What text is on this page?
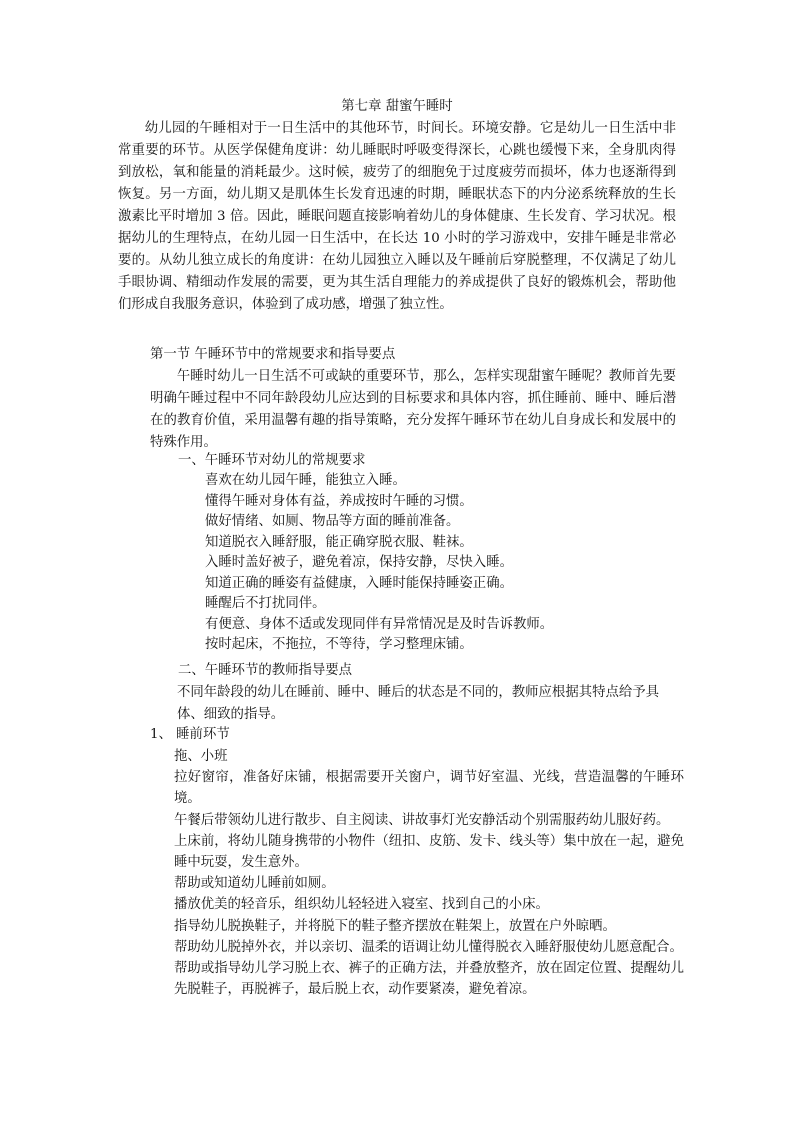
第七章 甜蜜午睡时

幼儿园的午睡相对于一日生活中的其他环节，时间长。环境安静。它是幼儿一日生活中非常重要的环节。从医学保健角度讲：幼儿睡眠时呼吸变得深长，心跳也缓慢下来，全身肌肉得到放松，氧和能量的消耗最少。这时候，疲劳了的细胞免于过度疲劳而损坏，体力也逐渐得到恢复。另一方面，幼儿期又是肌体生长发育迅速的时期，睡眠状态下的内分泌系统释放的生长激素比平时增加 3 倍。因此，睡眠问题直接影响着幼儿的身体健康、生长发育、学习状况。根据幼儿的生理特点，在幼儿园一日生活中，在长达 10 小时的学习游戏中，安排午睡是非常必要的。从幼儿独立成长的角度讲：在幼儿园独立入睡以及午睡前后穿脱整理，不仅满足了幼儿手眼协调、精细动作发展的需要，更为其生活自理能力的养成提供了良好的锻炼机会，帮助他们形成自我服务意识，体验到了成功感，增强了独立性。

第一节 午睡环节中的常规要求和指导要点

午睡时幼儿一日生活不可或缺的重要环节，那么，怎样实现甜蜜午睡呢？教师首先要明确午睡过程中不同年龄段幼儿应达到的目标要求和具体内容，抓住睡前、睡中、睡后潜在的教育价值，采用温馨有趣的指导策略，充分发挥午睡环节在幼儿自身成长和发展中的特殊作用。

一、午睡环节对幼儿的常规要求

喜欢在幼儿园午睡，能独立入睡。
懂得午睡对身体有益，养成按时午睡的习惯。
做好情绪、如厕、物品等方面的睡前准备。
知道脱衣入睡舒服，能正确穿脱衣服、鞋袜。
入睡时盖好被子，避免着凉，保持安静，尽快入睡。
知道正确的睡姿有益健康，入睡时能保持睡姿正确。
睡醒后不打扰同伴。
有便意、身体不适或发现同伴有异常情况是及时告诉教师。
按时起床，不拖拉，不等待，学习整理床铺。

二、午睡环节的教师指导要点

不同年龄段的幼儿在睡前、睡中、睡后的状态是不同的，教师应根据其特点给予具体、细致的指导。

1、 睡前环节

拖、小班
拉好窗帘，准备好床铺，根据需要开关窗户，调节好室温、光线，营造温馨的午睡环境。
午餐后带领幼儿进行散步、自主阅读、讲故事灯光安静活动个别需服药幼儿服好药。
上床前，将幼儿随身携带的小物件（纽扣、皮筋、发卡、线头等）集中放在一起，避免睡中玩耍，发生意外。
帮助或知道幼儿睡前如厕。
播放优美的轻音乐，组织幼儿轻轻进入寝室、找到自己的小床。
指导幼儿脱换鞋子，并将脱下的鞋子整齐摆放在鞋架上，放置在户外晾晒。
帮助幼儿脱掉外衣，并以亲切、温柔的语调让幼儿懂得脱衣入睡舒服使幼儿愿意配合。
帮助或指导幼儿学习脱上衣、裤子的正确方法，并叠放整齐，放在固定位置、提醒幼儿先脱鞋子，再脱裤子，最后脱上衣，动作要紧凑，避免着凉。
